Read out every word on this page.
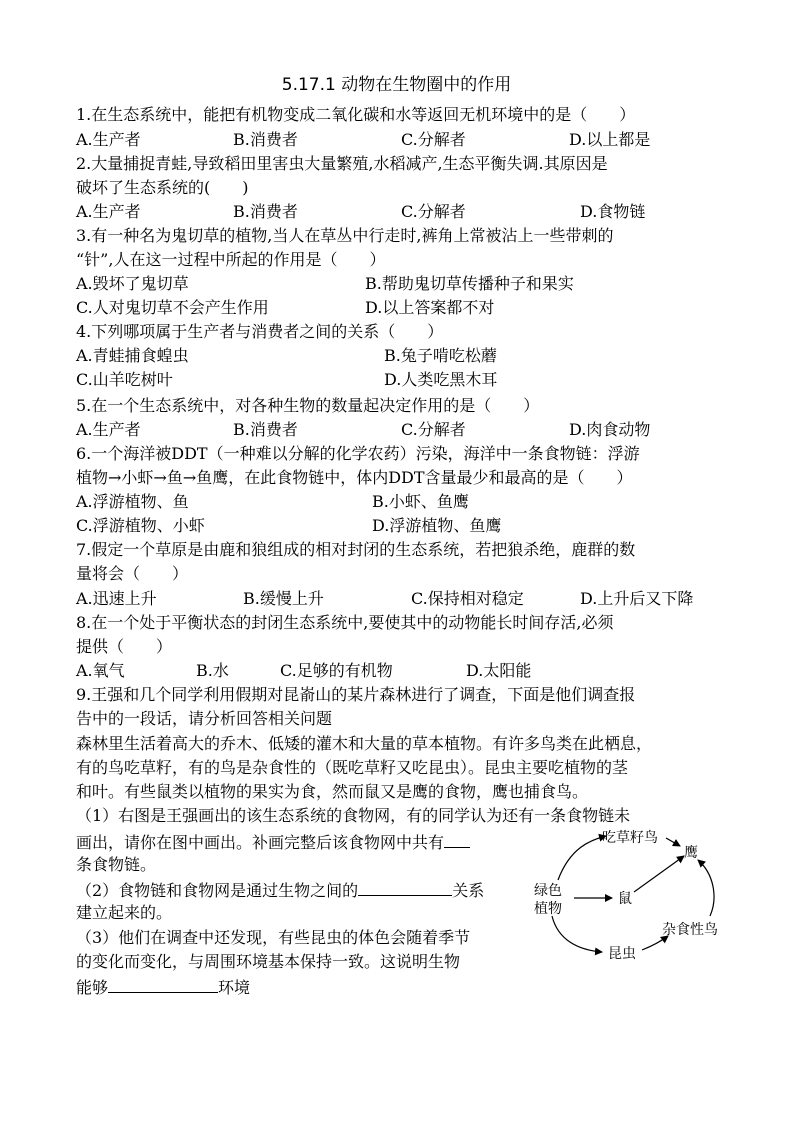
5.17.1 动物在生物圈中的作用
1.在生态系统中，能把有机物变成二氧化碳和水等返回无机环境中的是（　　）
A.生产者	B.消费者	C.分解者	D.以上都是
2.大量捕捉青蛙,导致稻田里害虫大量繁殖,水稻减产,生态平衡失调.其原因是
破坏了生态系统的(　　)
A.生产者	B.消费者	C.分解者	D.食物链
3.有一种名为鬼切草的植物,当人在草丛中行走时,裤角上常被沾上一些带刺的
“针”,人在这一过程中所起的作用是（　　）
A.毁坏了鬼切草	B.帮助鬼切草传播种子和果实
C.人对鬼切草不会产生作用	D.以上答案都不对
4.下列哪项属于生产者与消费者之间的关系（　　）
A.青蛙捕食蝗虫	B.兔子啃吃松蘑
C.山羊吃树叶	D.人类吃黑木耳
5.在一个生态系统中，对各种生物的数量起决定作用的是（　　）
A.生产者	B.消费者	C.分解者	D.肉食动物
6.一个海洋被DDT（一种难以分解的化学农药）污染，海洋中一条食物链：浮游
植物→小虾→鱼→鱼鹰，在此食物链中，体内DDT含量最少和最高的是（　　）
A.浮游植物、鱼	B.小虾、鱼鹰
C.浮游植物、小虾	D.浮游植物、鱼鹰
7.假定一个草原是由鹿和狼组成的相对封闭的生态系统，若把狼杀绝，鹿群的数
量将会（　　）
A.迅速上升	B.缓慢上升	C.保持相对稳定	D.上升后又下降
8.在一个处于平衡状态的封闭生态系统中,要使其中的动物能长时间存活,必须
提供（　　）
A.氧气	B.水	C.足够的有机物	D.太阳能
9.王强和几个同学利用假期对昆嵛山的某片森林进行了调查，下面是他们调查报
告中的一段话，请分析回答相关问题
森林里生活着高大的乔木、低矮的灌木和大量的草本植物。有许多鸟类在此栖息，
有的鸟吃草籽，有的鸟是杂食性的（既吃草籽又吃昆虫）。昆虫主要吃植物的茎
和叶。有些鼠类以植物的果实为食，然而鼠又是鹰的食物，鹰也捕食鸟。
（1）右图是王强画出的该生态系统的食物网，有的同学认为还有一条食物链未
画出，请你在图中画出。补画完整后该食物网中共有
条食物链。
（2）食物链和食物网是通过生物之间的	关系
建立起来的。
（3）他们在调查中还发现，有些昆虫的体色会随着季节
的变化而变化，与周围环境基本保持一致。这说明生物
能够	环境
绿色
植物
吃草籽鸟
鹰
鼠
杂食性鸟
昆虫
